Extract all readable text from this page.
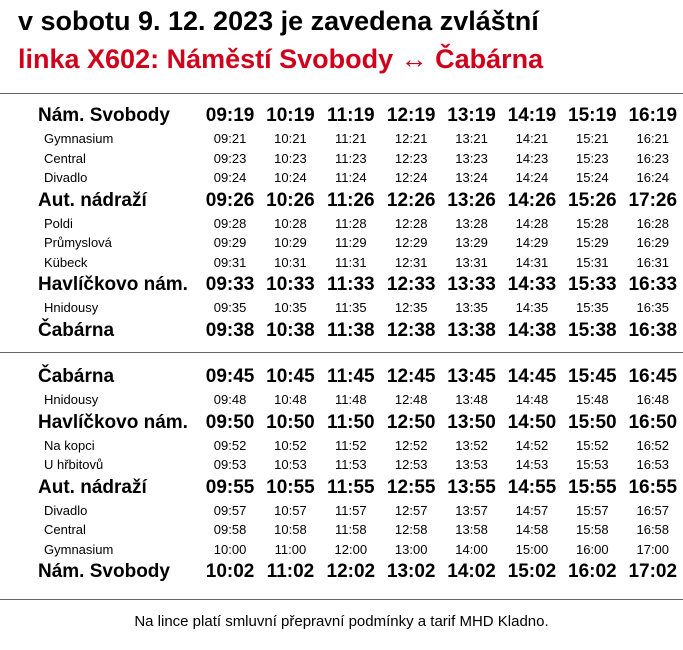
v sobotu 9. 12. 2023 je zavedena zvláštní
linka X602: Náměstí Svobody ↔ Čabárna
Nám. Svobody	09:19	10:19	11:19	12:19	13:19	14:19	15:19	16:19
Gymnasium	09:21	10:21	11:21	12:21	13:21	14:21	15:21	16:21
Central	09:23	10:23	11:23	12:23	13:23	14:23	15:23	16:23
Divadlo	09:24	10:24	11:24	12:24	13:24	14:24	15:24	16:24
Aut. nádraží	09:26	10:26	11:26	12:26	13:26	14:26	15:26	17:26
Poldi	09:28	10:28	11:28	12:28	13:28	14:28	15:28	16:28
Průmyslová	09:29	10:29	11:29	12:29	13:29	14:29	15:29	16:29
Kübeck	09:31	10:31	11:31	12:31	13:31	14:31	15:31	16:31
Havlíčkovo nám.	09:33	10:33	11:33	12:33	13:33	14:33	15:33	16:33
Hnidousy	09:35	10:35	11:35	12:35	13:35	14:35	15:35	16:35
Čabárna	09:38	10:38	11:38	12:38	13:38	14:38	15:38	16:38
Čabárna	09:45	10:45	11:45	12:45	13:45	14:45	15:45	16:45
Hnidousy	09:48	10:48	11:48	12:48	13:48	14:48	15:48	16:48
Havlíčkovo nám.	09:50	10:50	11:50	12:50	13:50	14:50	15:50	16:50
Na kopci	09:52	10:52	11:52	12:52	13:52	14:52	15:52	16:52
U hřbitovů	09:53	10:53	11:53	12:53	13:53	14:53	15:53	16:53
Aut. nádraží	09:55	10:55	11:55	12:55	13:55	14:55	15:55	16:55
Divadlo	09:57	10:57	11:57	12:57	13:57	14:57	15:57	16:57
Central	09:58	10:58	11:58	12:58	13:58	14:58	15:58	16:58
Gymnasium	10:00	11:00	12:00	13:00	14:00	15:00	16:00	17:00
Nám. Svobody	10:02	11:02	12:02	13:02	14:02	15:02	16:02	17:02
Na lince platí smluvní přepravní podmínky a tarif MHD Kladno.
